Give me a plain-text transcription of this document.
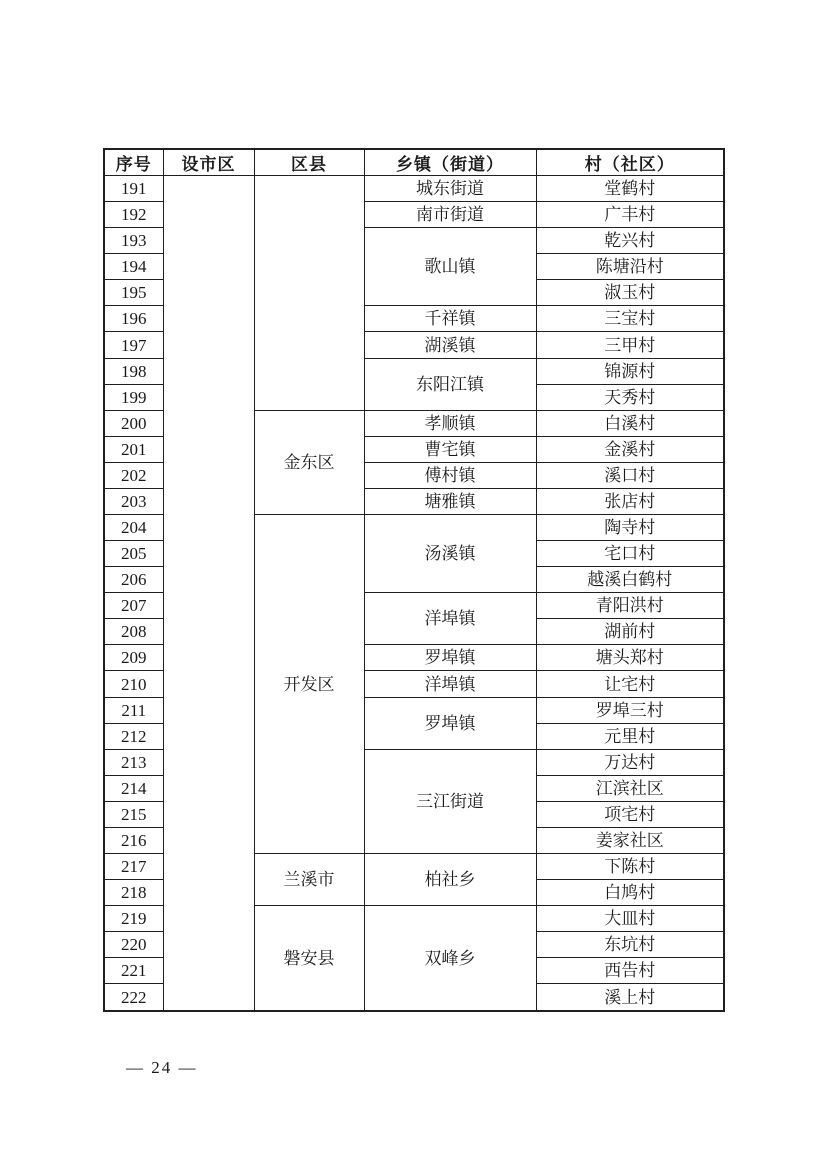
序号	设市区	区县	乡镇（街道）	村（社区）
191			城东街道	堂鹤村
192			南市街道	广丰村
193			歌山镇	乾兴村
194				陈塘沿村
195				淑玉村
196			千祥镇	三宝村
197			湖溪镇	三甲村
198			东阳江镇	锦源村
199				天秀村
200		金东区	孝顺镇	白溪村
201			曹宅镇	金溪村
202			傅村镇	溪口村
203			塘雅镇	张店村
204		开发区	汤溪镇	陶寺村
205				宅口村
206				越溪白鹤村
207			洋埠镇	青阳洪村
208				湖前村
209			罗埠镇	塘头郑村
210			洋埠镇	让宅村
211			罗埠镇	罗埠三村
212				元里村
213			三江街道	万达村
214				江滨社区
215				项宅村
216				姜家社区
217		兰溪市	柏社乡	下陈村
218				白鸠村
219		磐安县	双峰乡	大皿村
220				东坑村
221				西告村
222				溪上村
— 24 —
